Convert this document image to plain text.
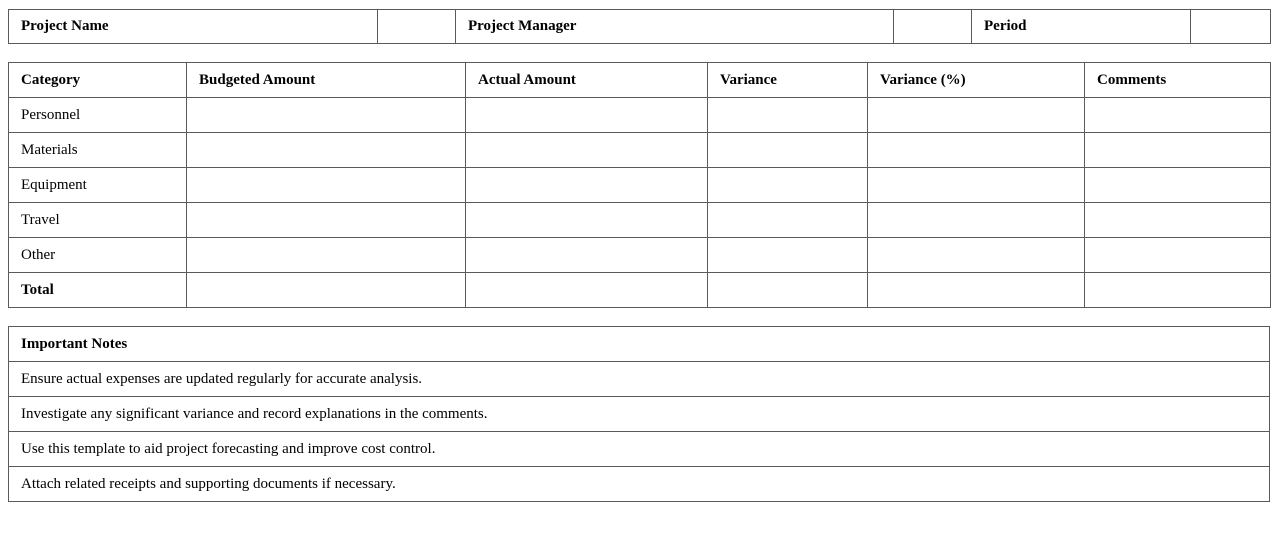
Project Name		Project Manager		Period	
Category	Budgeted Amount	Actual Amount	Variance	Variance (%)	Comments
Personnel					
Materials					
Equipment					
Travel					
Other					
Total					
Important Notes
Ensure actual expenses are updated regularly for accurate analysis.
Investigate any significant variance and record explanations in the comments.
Use this template to aid project forecasting and improve cost control.
Attach related receipts and supporting documents if necessary.
